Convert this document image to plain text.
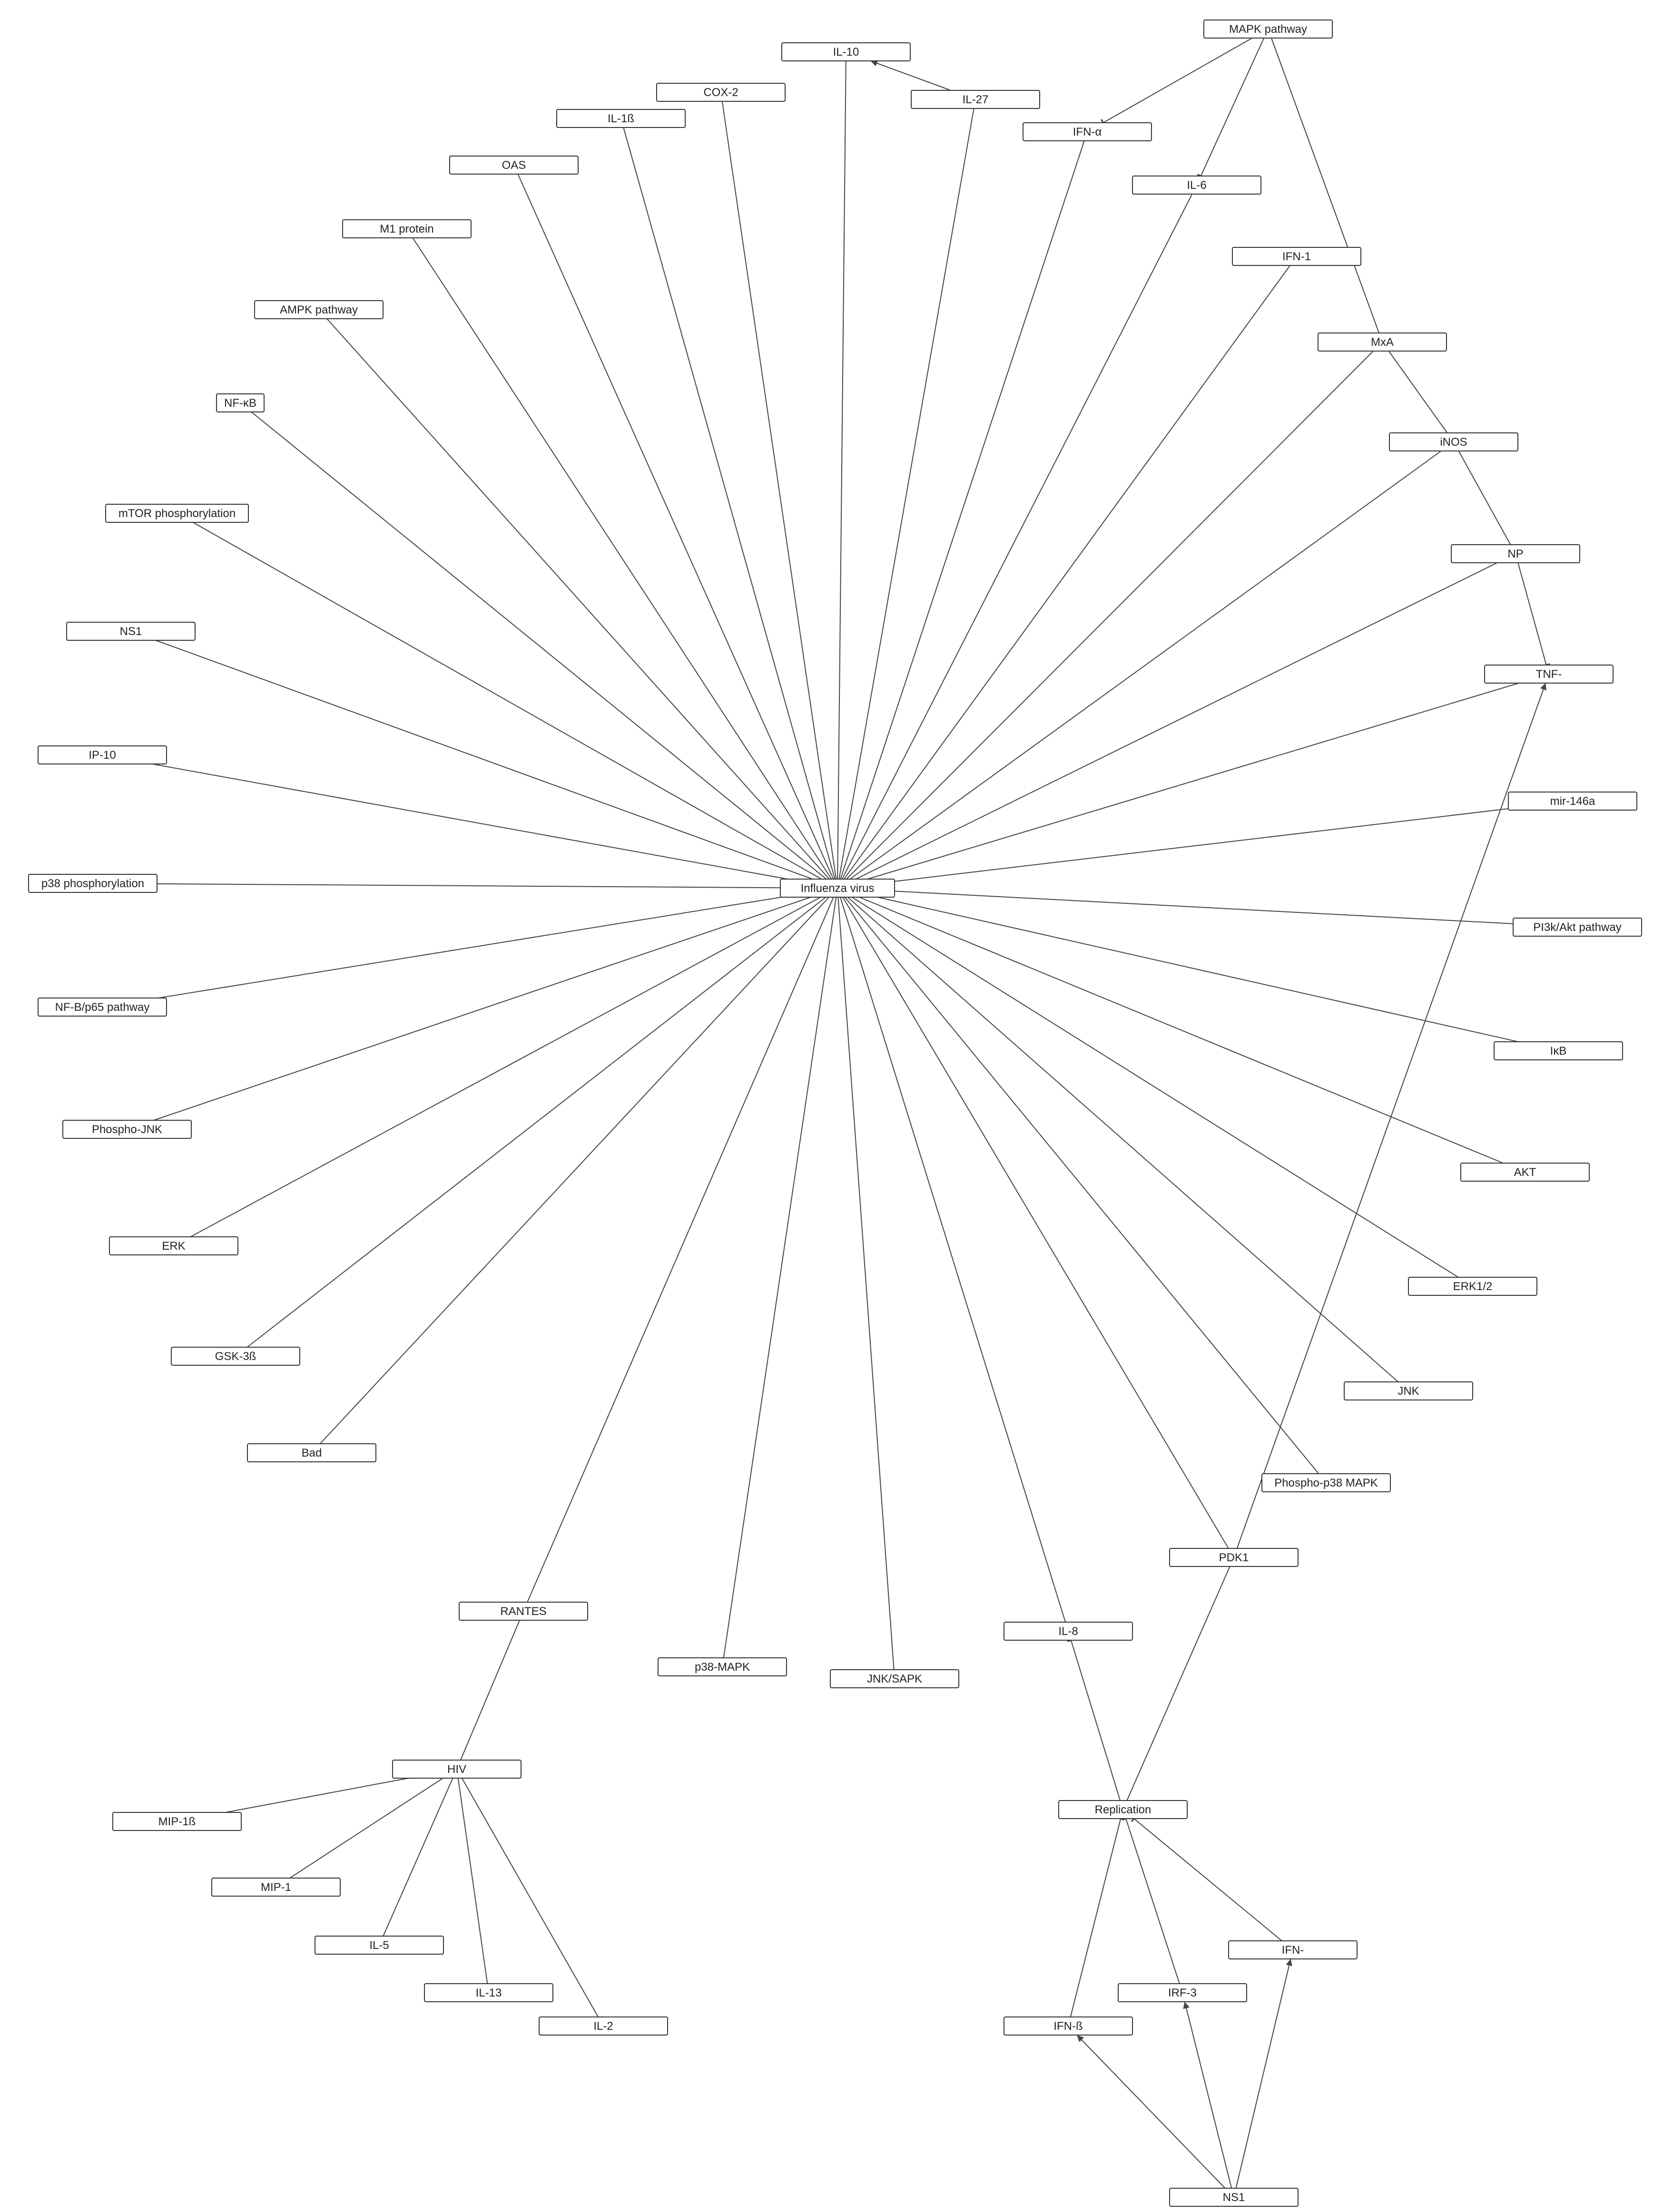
Influenza virus
MAPK pathway
IL-10
COX-2
IL-27
IL-1ß
IFN-α
OAS
IL-6
M1 protein
IFN-1
AMPK pathway
MxA
NF-κB
iNOS
mTOR phosphorylation
NP
NS1
TNF-
IP-10
mir-146a
p38 phosphorylation
PI3k/Akt pathway
NF-B/p65 pathway
IκB
Phospho-JNK
AKT
ERK
ERK1/2
GSK-3ß
JNK
Bad
Phospho-p38 MAPK
PDK1
RANTES
IL-8
p38-MAPK
JNK/SAPK
HIV
Replication
MIP-1ß
MIP-1
IL-5	IFN-
IL-13	IRF-3
IL-2	IFN-ß
NS1
